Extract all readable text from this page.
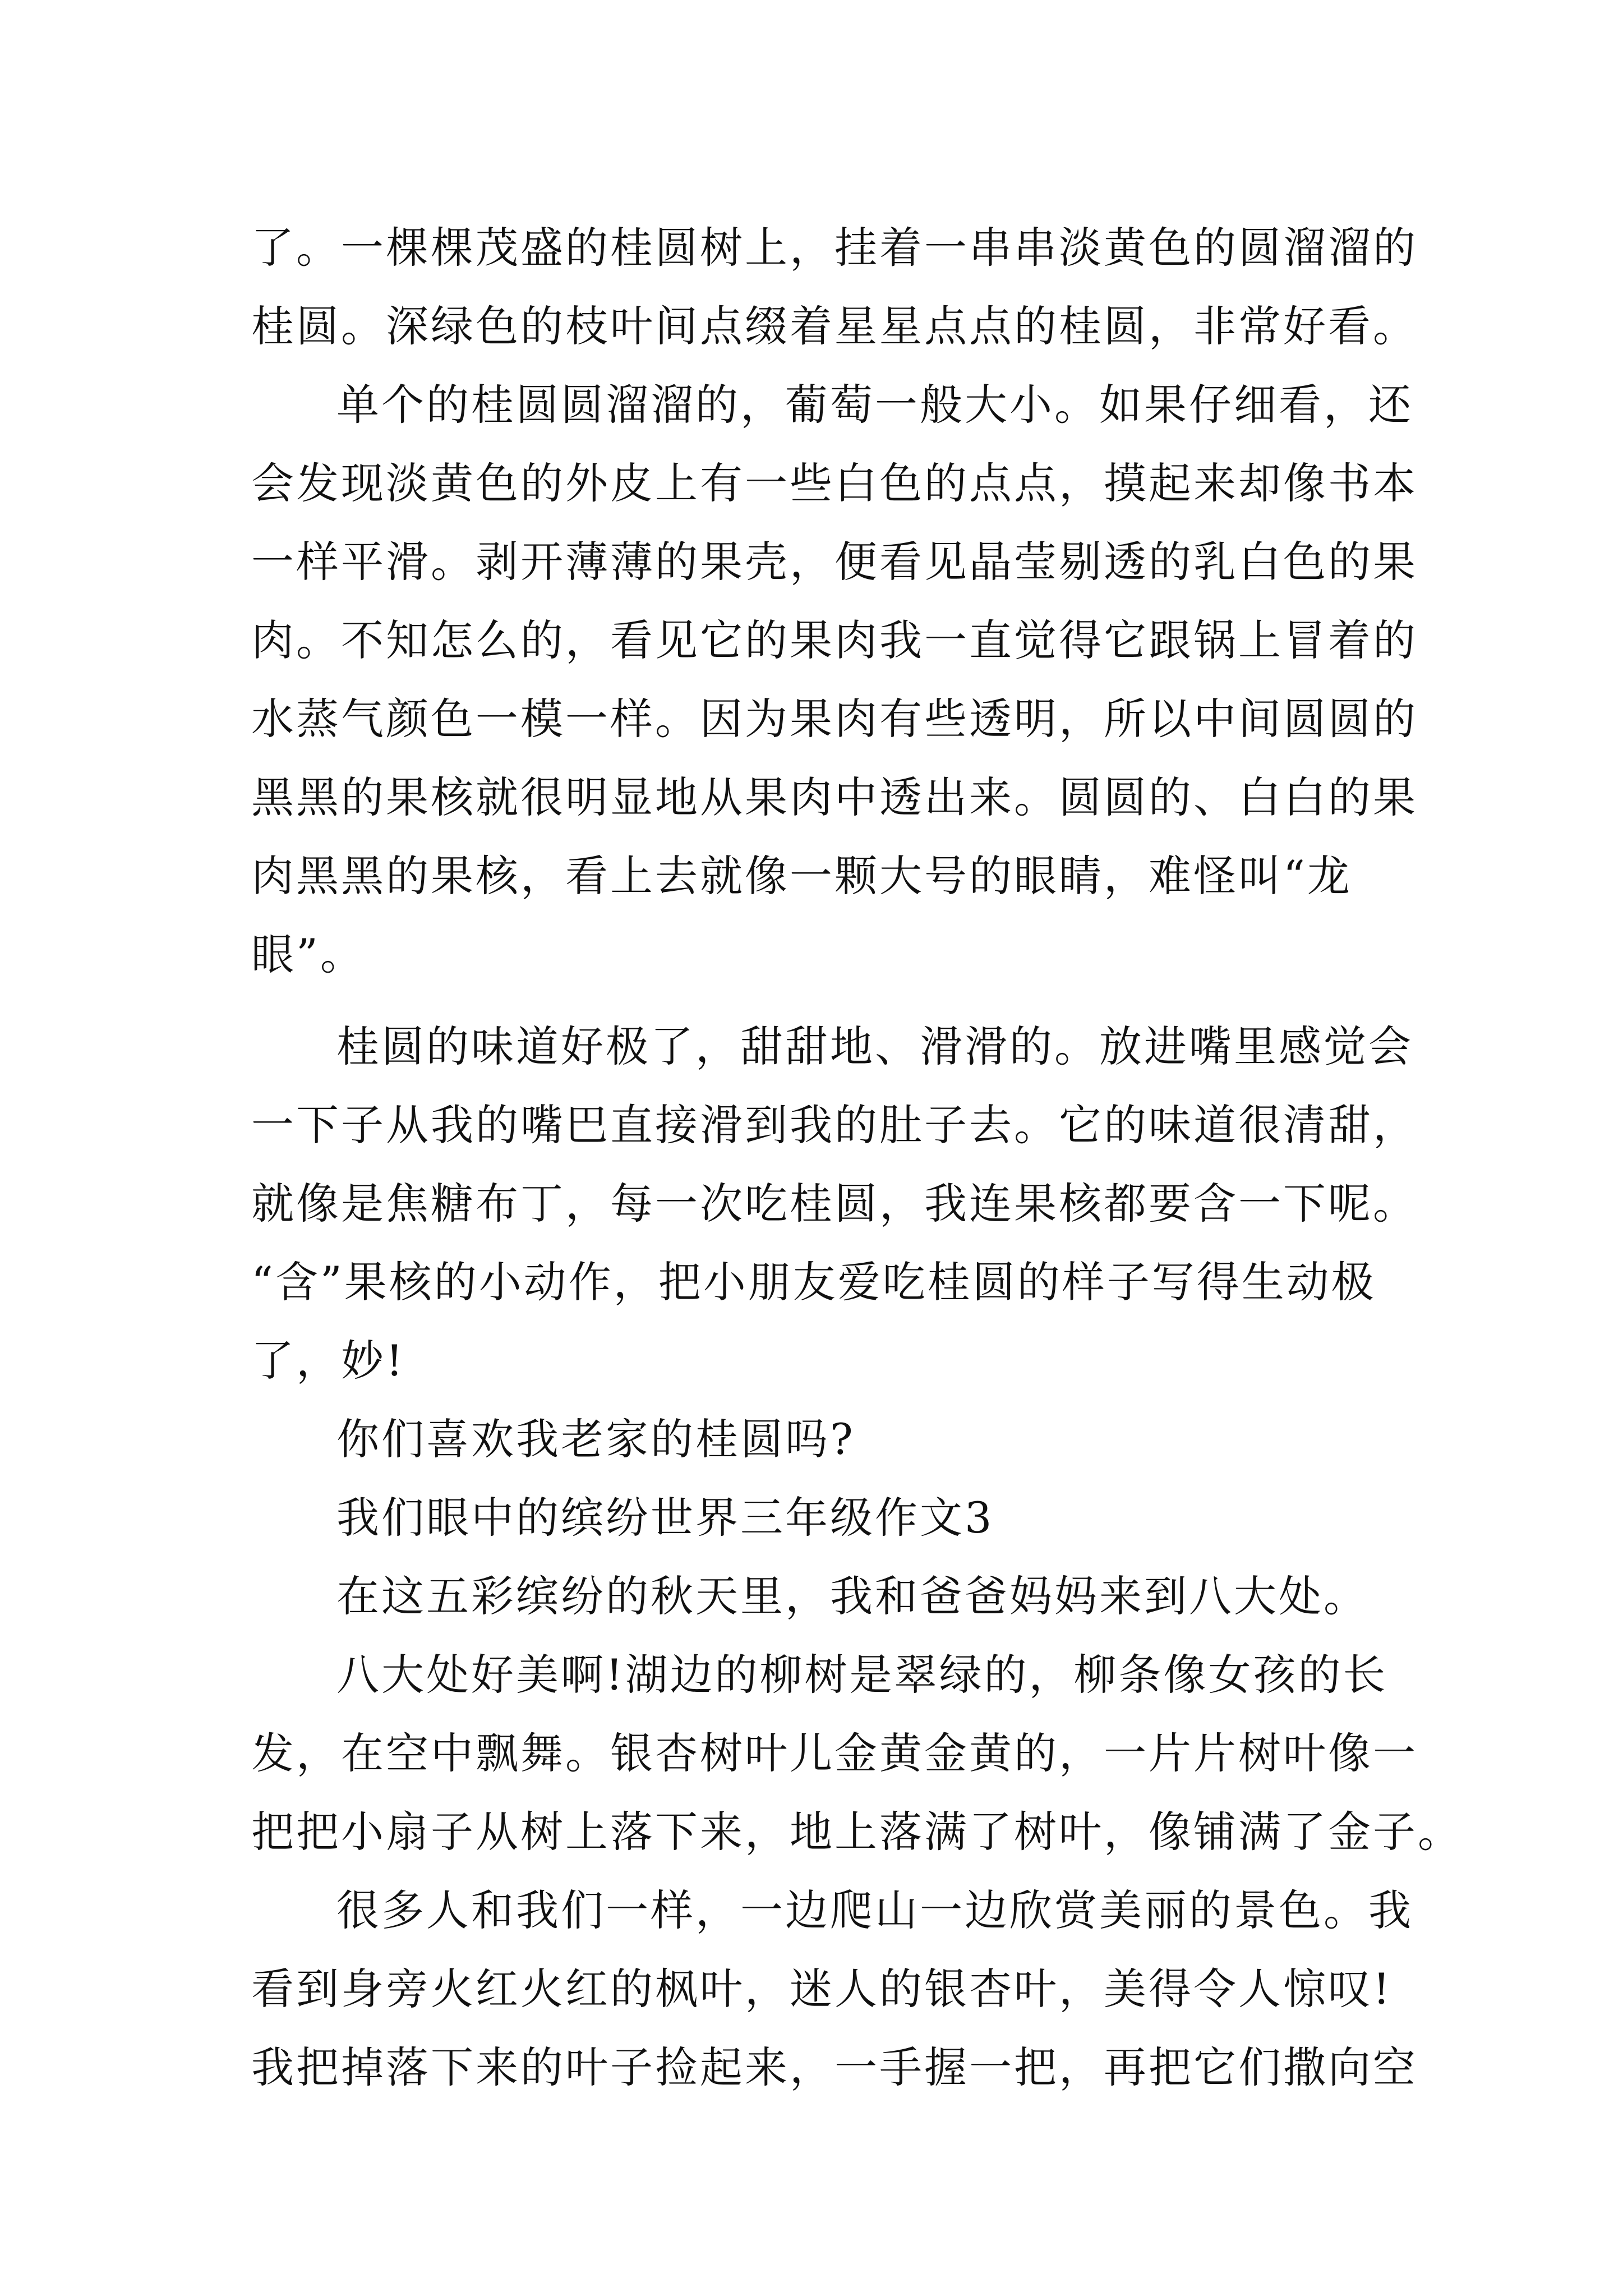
了。一棵棵茂盛的桂圆树上，挂着一串串淡黄色的圆溜溜的
桂圆。深绿色的枝叶间点缀着星星点点的桂圆，非常好看。
单个的桂圆圆溜溜的，葡萄一般大小。如果仔细看，还
会发现淡黄色的外皮上有一些白色的点点，摸起来却像书本
一样平滑。剥开薄薄的果壳，便看见晶莹剔透的乳白色的果
肉。不知怎么的，看见它的果肉我一直觉得它跟锅上冒着的
水蒸气颜色一模一样。因为果肉有些透明，所以中间圆圆的
黑黑的果核就很明显地从果肉中透出来。圆圆的、白白的果
肉黑黑的果核，看上去就像一颗大号的眼睛，难怪叫“龙
眼”。
桂圆的味道好极了，甜甜地、滑滑的。放进嘴里感觉会
一下子从我的嘴巴直接滑到我的肚子去。它的味道很清甜，
就像是焦糖布丁，每一次吃桂圆，我连果核都要含一下呢。
“含”果核的小动作，把小朋友爱吃桂圆的样子写得生动极
了，妙!
你们喜欢我老家的桂圆吗?
我们眼中的缤纷世界三年级作文3
在这五彩缤纷的秋天里，我和爸爸妈妈来到八大处。
八大处好美啊!湖边的柳树是翠绿的，柳条像女孩的长
发，在空中飘舞。银杏树叶儿金黄金黄的，一片片树叶像一
把把小扇子从树上落下来，地上落满了树叶，像铺满了金子。
很多人和我们一样，一边爬山一边欣赏美丽的景色。我
看到身旁火红火红的枫叶，迷人的银杏叶，美得令人惊叹!
我把掉落下来的叶子捡起来，一手握一把，再把它们撒向空
